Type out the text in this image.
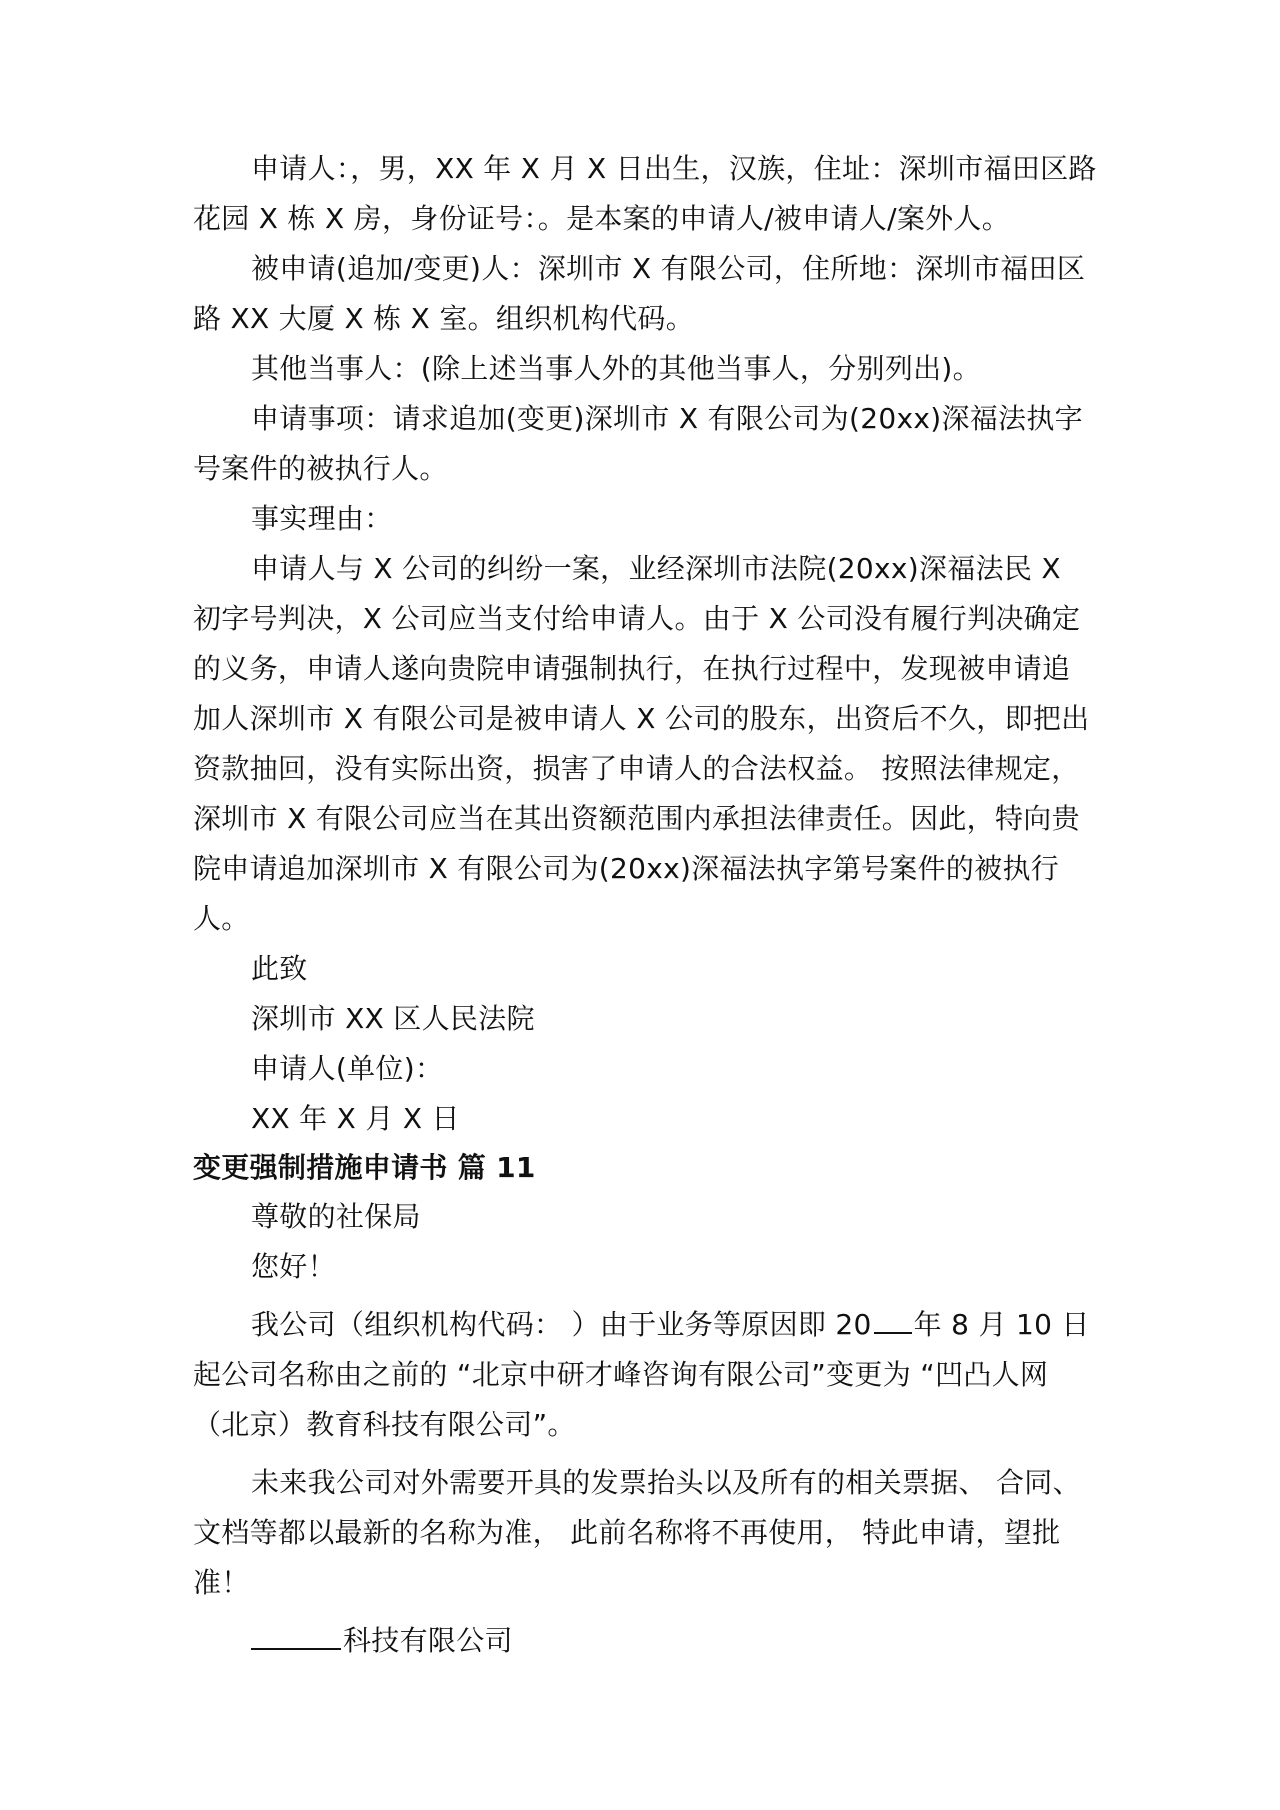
申请人：，男，XX 年 X 月 X 日出生，汉族，住址：深圳市福田区路花园 X 栋 X 房，身份证号：。是本案的申请人/被申请人/案外人。

被申请(追加/变更)人：深圳市 X 有限公司，住所地：深圳市福田区路 XX 大厦 X 栋 X 室。组织机构代码。

其他当事人：(除上述当事人外的其他当事人，分别列出)。

申请事项：请求追加(变更)深圳市 X 有限公司为(20xx)深福法执字号案件的被执行人。

事实理由：

申请人与 X 公司的纠纷一案，业经深圳市法院(20xx)深福法民 X 初字号判决，X 公司应当支付给申请人。由于 X 公司没有履行判决确定的义务，申请人遂向贵院申请强制执行，在执行过程中，发现被申请追加人深圳市 X 有限公司是被申请人 X 公司的股东，出资后不久，即把出资款抽回，没有实际出资，损害了申请人的合法权益。 按照法律规定，深圳市 X 有限公司应当在其出资额范围内承担法律责任。因此，特向贵院申请追加深圳市 X 有限公司为(20xx)深福法执字第号案件的被执行人。

此致

深圳市 XX 区人民法院

申请人(单位)：

XX 年 X 月 X 日

变更强制措施申请书 篇 11

尊敬的社保局

您好！

我公司（组织机构代码： ）由于业务等原因即 20 年 8 月 10 日起公司名称由之前的 “北京中研才峰咨询有限公司”变更为 “凹凸人网（北京）教育科技有限公司”。

未来我公司对外需要开具的发票抬头以及所有的相关票据、 合同、文档等都以最新的名称为准， 此前名称将不再使用， 特此申请，望批准！

科技有限公司
